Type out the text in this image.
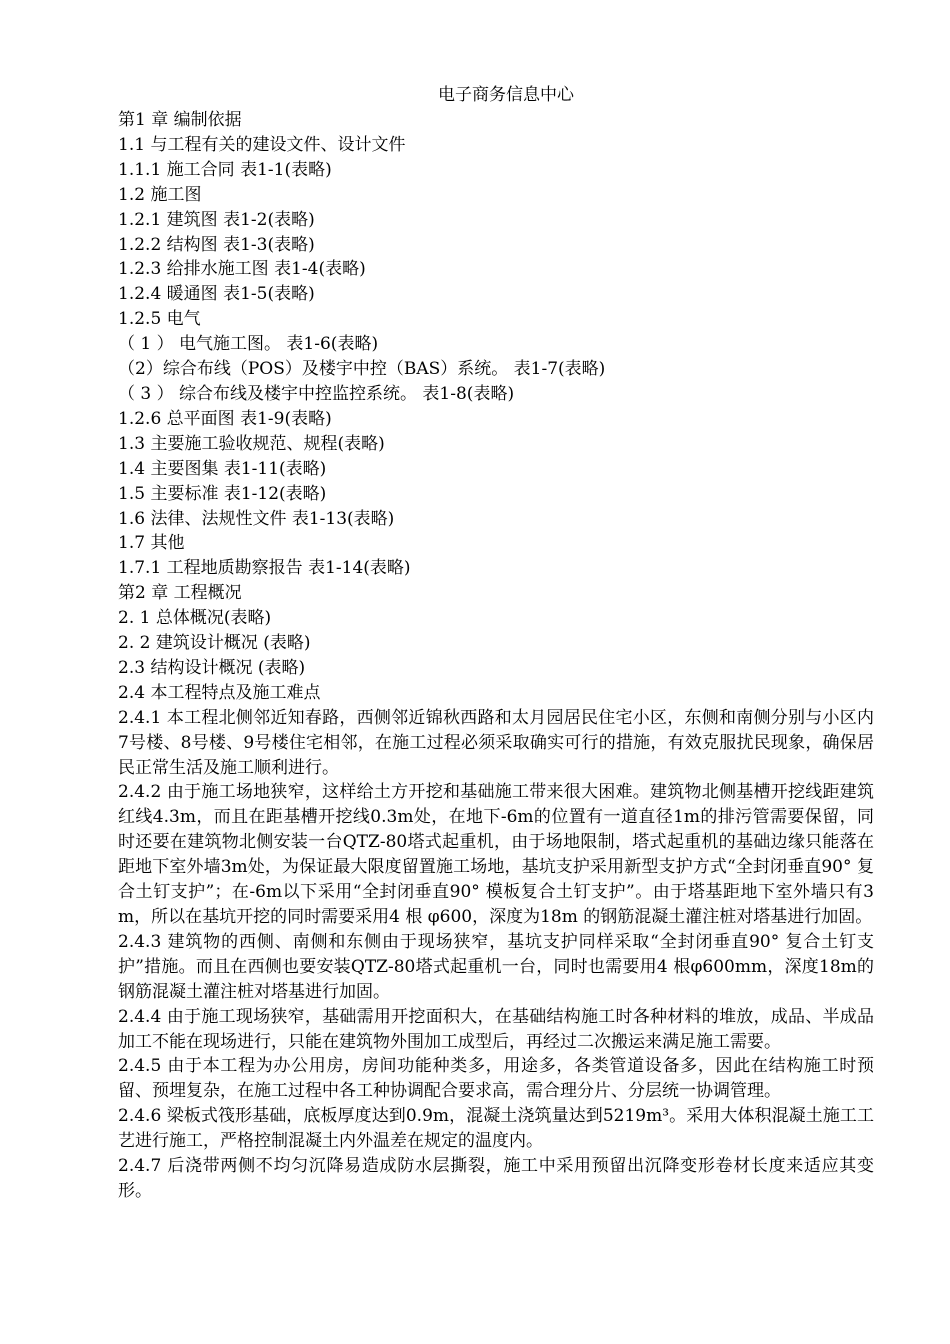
电子商务信息中心
第1 章 编制依据
1.1 与工程有关的建设文件、设计文件
1.1.1 施工合同 表1-1(表略)
1.2 施工图
1.2.1 建筑图 表1-2(表略)
1.2.2 结构图 表1-3(表略)
1.2.3 给排水施工图 表1-4(表略)
1.2.4 暖通图 表1-5(表略)
1.2.5 电气
（ 1 ） 电气施工图。 表1-6(表略)
（2）综合布线（POS）及楼宇中控（BAS）系统。 表1-7(表略)
（ 3 ） 综合布线及楼宇中控监控系统。 表1-8(表略)
1.2.6 总平面图 表1-9(表略)
1.3 主要施工验收规范、规程(表略)
1.4 主要图集 表1-11(表略)
1.5 主要标准 表1-12(表略)
1.6 法律、法规性文件 表1-13(表略)
1.7 其他
1.7.1 工程地质勘察报告 表1-14(表略)
第2 章 工程概况
2. 1 总体概况(表略)
2. 2 建筑设计概况 (表略)
2.3 结构设计概况 (表略)
2.4 本工程特点及施工难点
2.4.1 本工程北侧邻近知春路，西侧邻近锦秋西路和太月园居民住宅小区，东侧和南侧分别与小区内7号楼、8号楼、9号楼住宅相邻，在施工过程必须采取确实可行的措施，有效克服扰民现象，确保居民正常生活及施工顺利进行。
2.4.2 由于施工场地狭窄，这样给土方开挖和基础施工带来很大困难。建筑物北侧基槽开挖线距建筑红线4.3m，而且在距基槽开挖线0.3m处，在地下-6m的位置有一道直径1m的排污管需要保留，同时还要在建筑物北侧安装一台QTZ-80塔式起重机，由于场地限制，塔式起重机的基础边缘只能落在距地下室外墙3m处，为保证最大限度留置施工场地，基坑支护采用新型支护方式“全封闭垂直90° 复合土钉支护”；在-6m以下采用“全封闭垂直90° 模板复合土钉支护”。由于塔基距地下室外墙只有3m，所以在基坑开挖的同时需要采用4 根 φ600，深度为18m 的钢筋混凝土灌注桩对塔基进行加固。
2.4.3 建筑物的西侧、南侧和东侧由于现场狭窄，基坑支护同样采取“全封闭垂直90° 复合土钉支护”措施。而且在西侧也要安装QTZ-80塔式起重机一台，同时也需要用4 根φ600mm，深度18m的钢筋混凝土灌注桩对塔基进行加固。
2.4.4 由于施工现场狭窄，基础需用开挖面积大，在基础结构施工时各种材料的堆放，成品、半成品加工不能在现场进行，只能在建筑物外围加工成型后，再经过二次搬运来满足施工需要。
2.4.5 由于本工程为办公用房，房间功能种类多，用途多，各类管道设备多，因此在结构施工时预留、预埋复杂，在施工过程中各工种协调配合要求高，需合理分片、分层统一协调管理。
2.4.6 梁板式筏形基础，底板厚度达到0.9m，混凝土浇筑量达到5219m³。采用大体积混凝土施工工艺进行施工，严格控制混凝土内外温差在规定的温度内。
2.4.7 后浇带两侧不均匀沉降易造成防水层撕裂，施工中采用预留出沉降变形卷材长度来适应其变形。
